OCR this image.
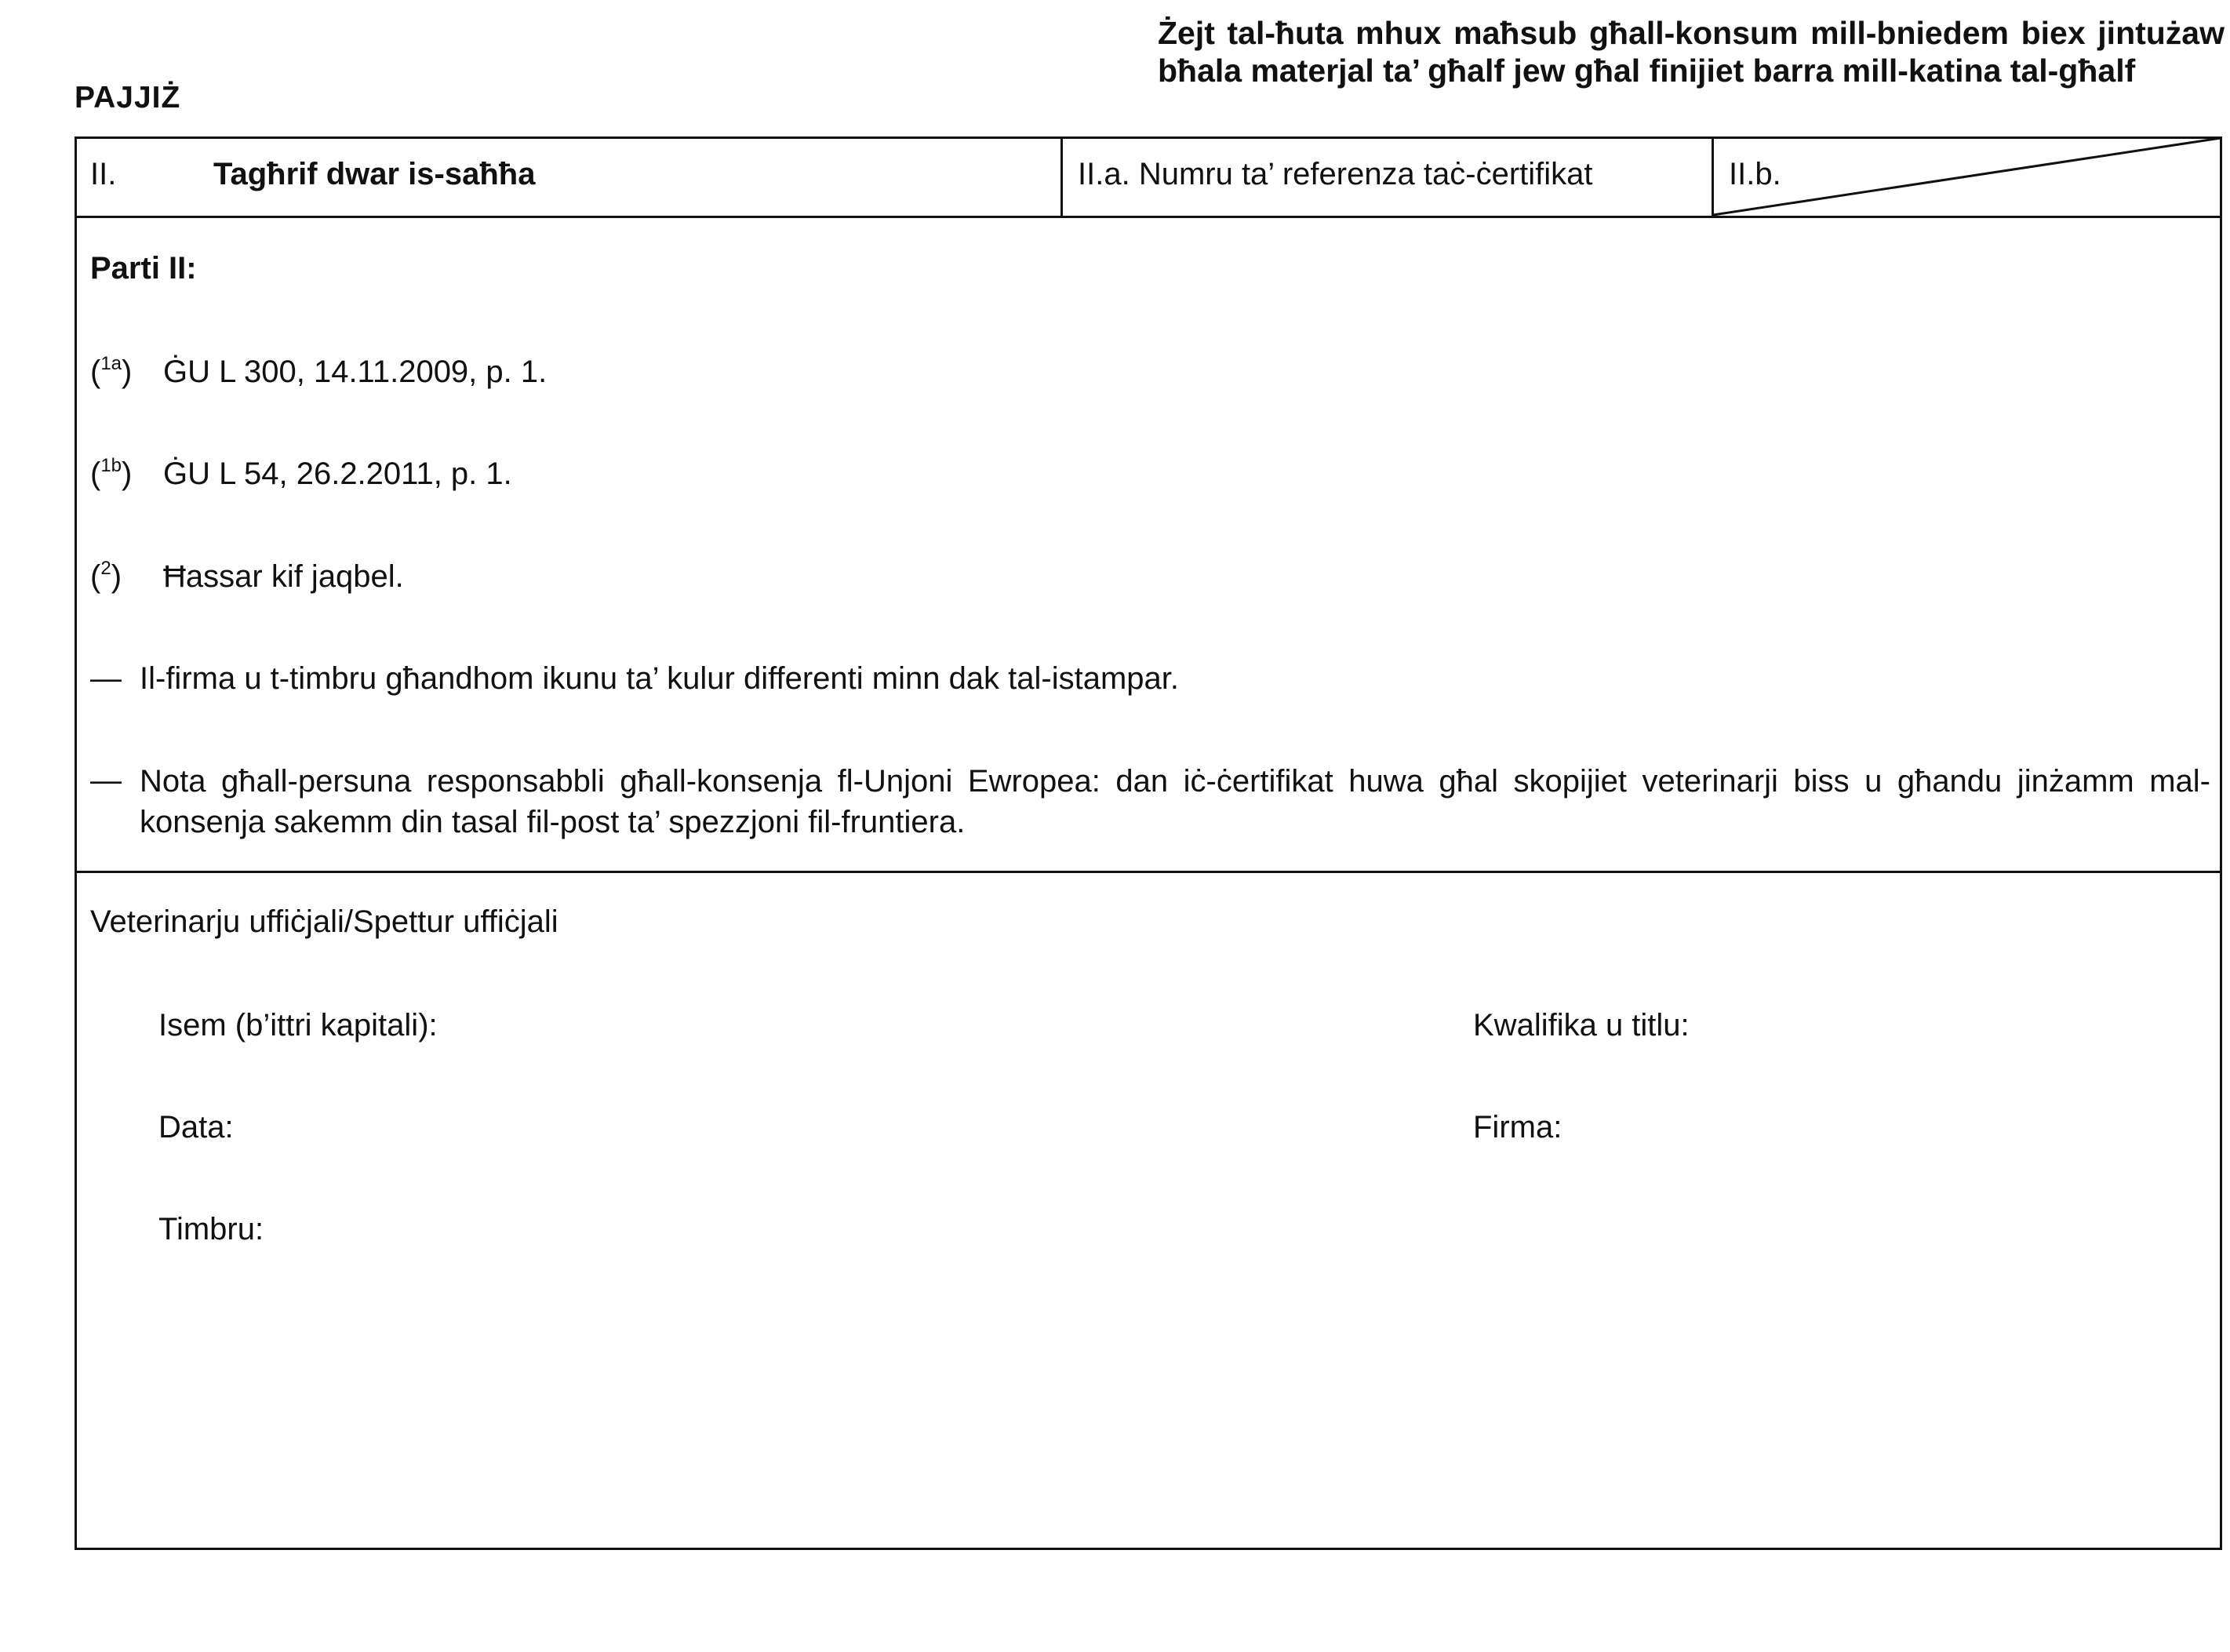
PAJJIŻ
Żejt tal-ħuta mhux maħsub għall-konsum mill-bniedem biex jintużaw bħala materjal ta’ għalf jew għal finijiet barra mill-katina tal-għalf
II.	Tagħrif dwar is-saħħa	II.a. Numru ta’ referenza taċ-ċertifikat	II.b.
Parti II:
($^{1a}$) ĠU L 300, 14.11.2009, p. 1.
($^{1b}$) ĠU L 54, 26.2.2011, p. 1.
($^2$) Ħassar kif jaqbel.
— Il-firma u t-timbru għandhom ikunu ta’ kulur differenti minn dak tal-istampar.
— Nota għall-persuna responsabbli għall-konsenja fl-Unjoni Ewropea: dan iċ-ċertifikat huwa għal skopijiet veterinarji biss u għandu jinżamm mal-konsenja sakemm din tasal fil-post ta’ spezzjoni fil-fruntiera.
Veterinarju uffiċjali/Spettur uffiċjali
Isem (b’ittri kapitali):	Kwalifika u titlu:
Data:	Firma:
Timbru:
